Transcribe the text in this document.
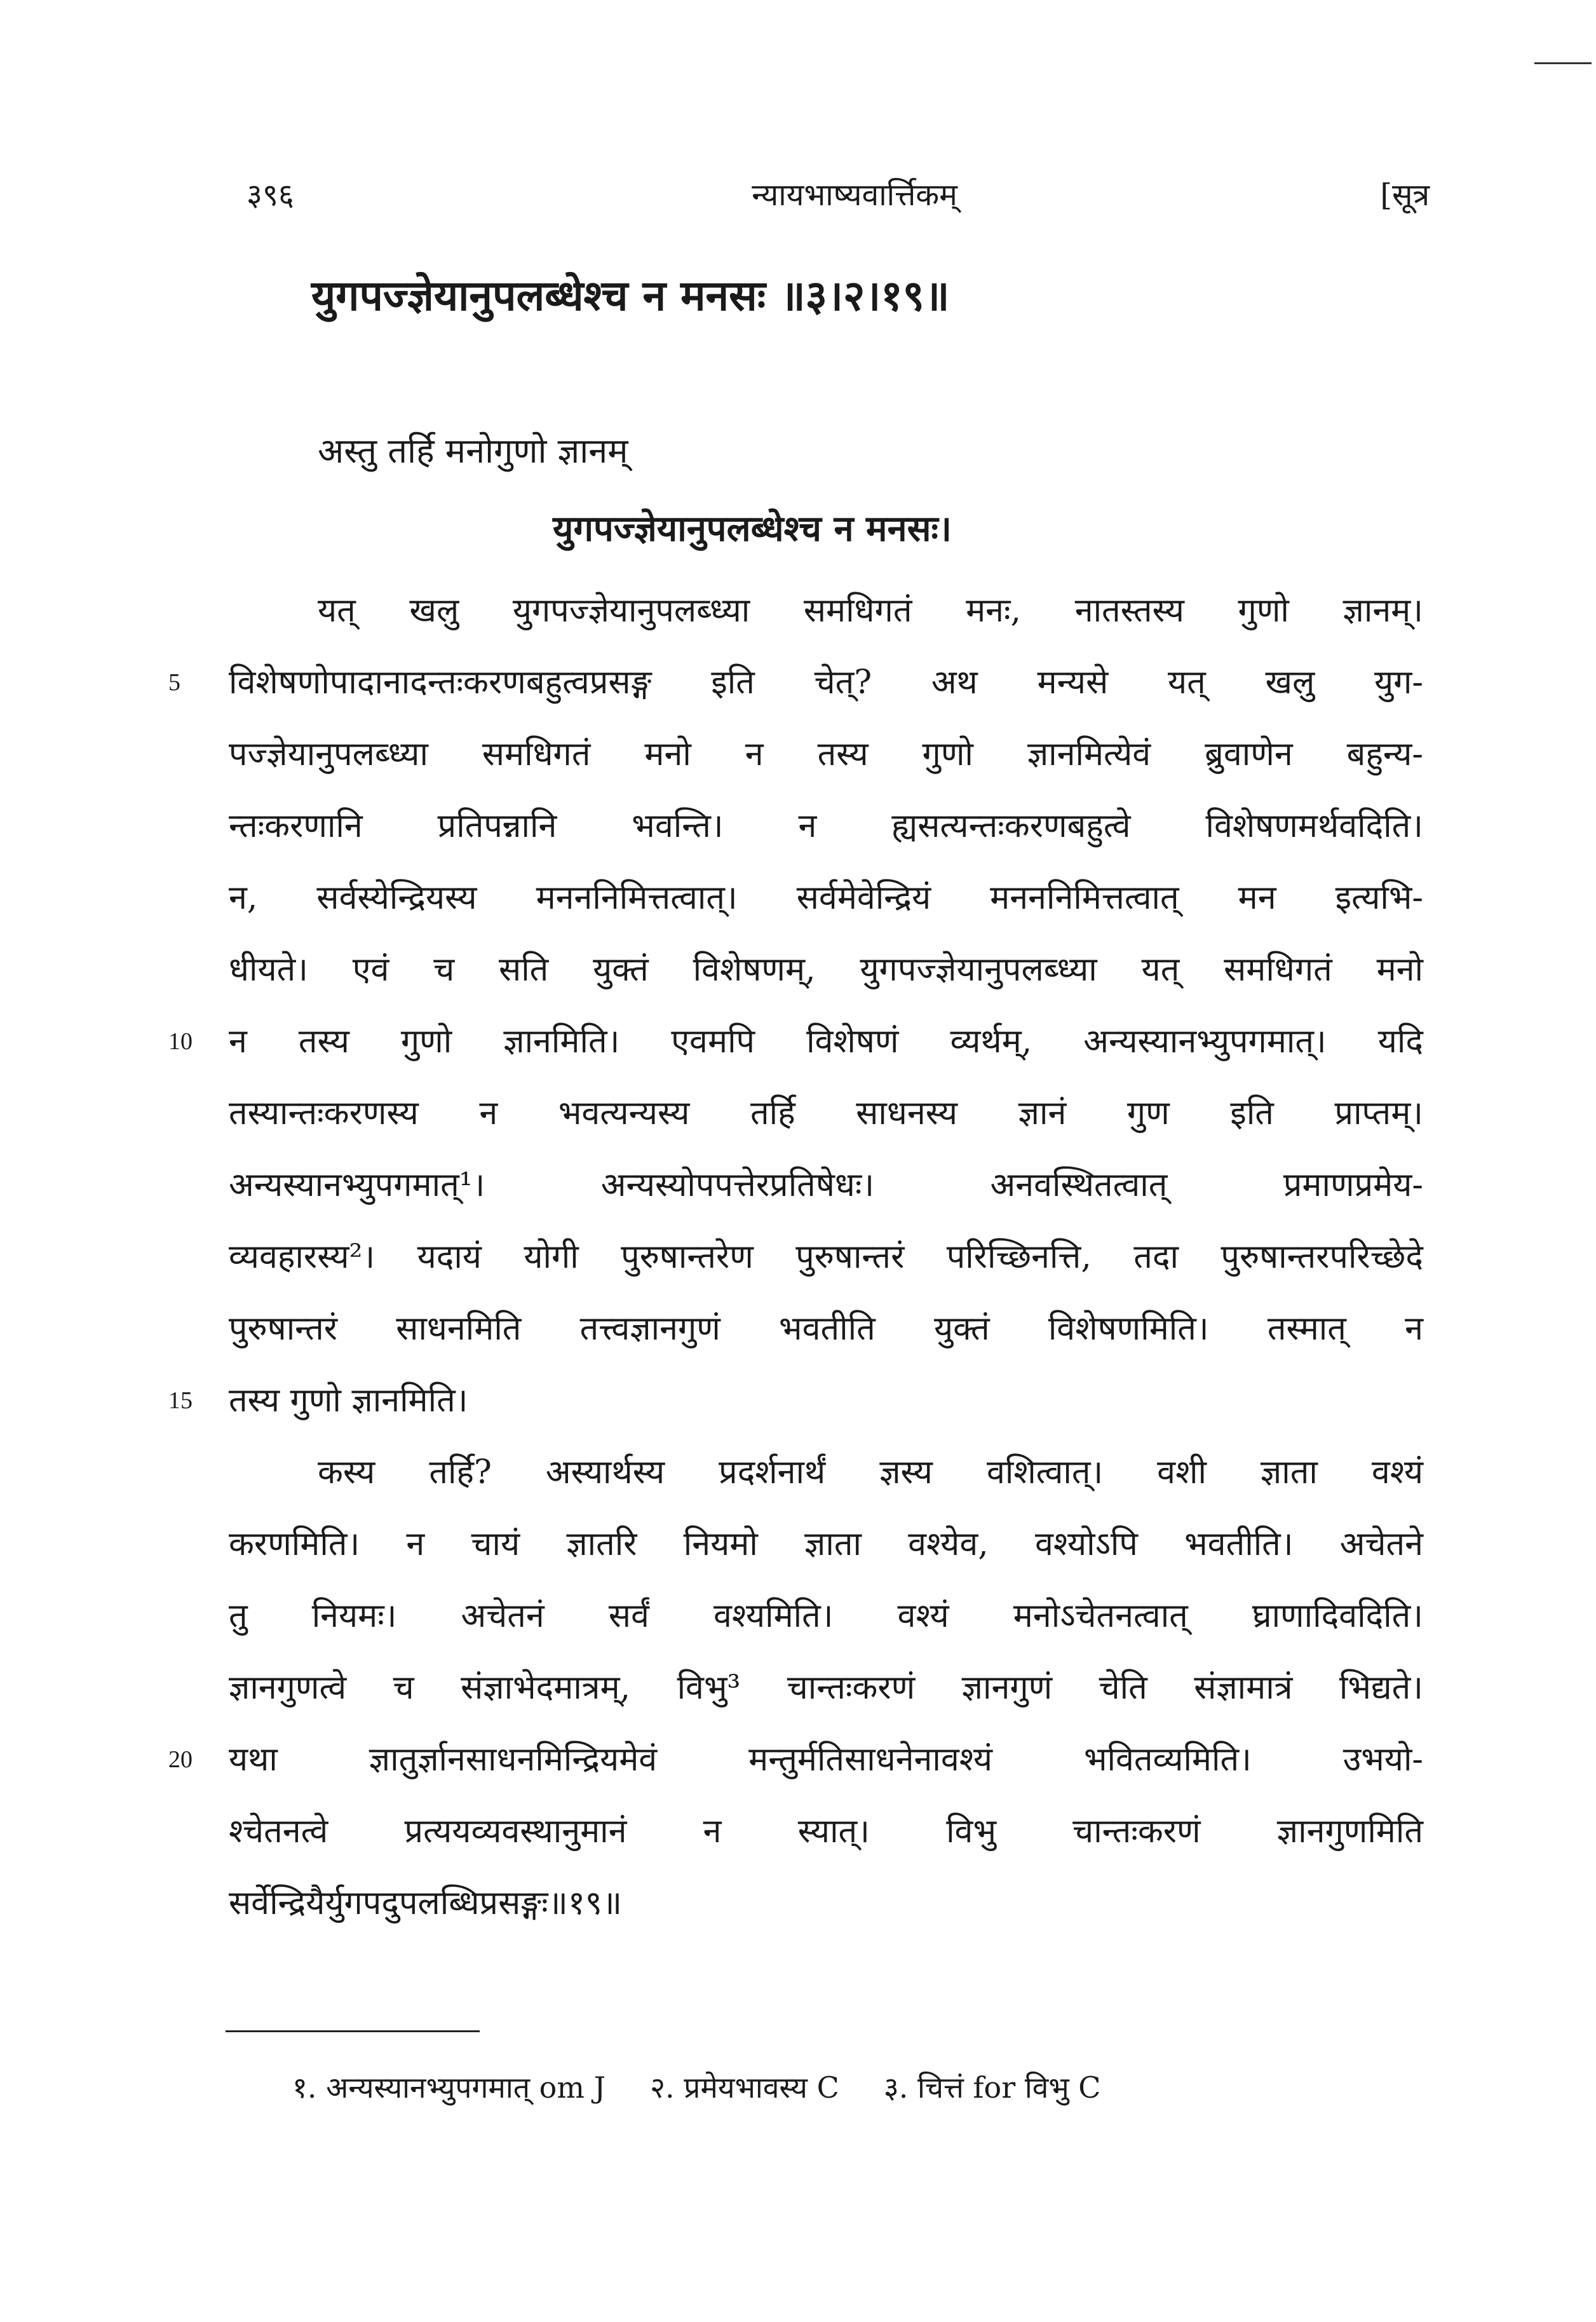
३९६	न्यायभाष्यवार्त्तिकम्	[सूत्र
युगपज्ज्ञेयानुपलब्धेश्च न मनसः ॥३।२।१९॥
अस्तु तर्हि मनोगुणो ज्ञानम्
युगपज्ज्ञेयानुपलब्धेश्च न मनसः।
यत् खलु युगपज्ज्ञेयानुपलब्ध्या समधिगतं मनः, नातस्तस्य गुणो ज्ञानम्।
5	विशेषणोपादानादन्तःकरणबहुत्वप्रसङ्ग इति चेत्? अथ मन्यसे यत् खलु युग-
पज्ज्ञेयानुपलब्ध्या समधिगतं मनो न तस्य गुणो ज्ञानमित्येवं ब्रुवाणेन बहुन्य-
न्तःकरणानि प्रतिपन्नानि भवन्ति। न ह्यसत्यन्तःकरणबहुत्वे विशेषणमर्थवदिति।
न, सर्वस्येन्द्रियस्य मनननिमित्तत्वात्। सर्वमेवेन्द्रियं मनननिमित्तत्वात् मन इत्यभि-
धीयते। एवं च सति युक्तं विशेषणम्, युगपज्ज्ञेयानुपलब्ध्या यत् समधिगतं मनो
10	न तस्य गुणो ज्ञानमिति। एवमपि विशेषणं व्यर्थम्, अन्यस्यानभ्युपगमात्। यदि
तस्यान्तःकरणस्य न भवत्यन्यस्य तर्हि साधनस्य ज्ञानं गुण इति प्राप्तम्।
अन्यस्यानभ्युपगमात्¹। अन्यस्योपपत्तेरप्रतिषेधः। अनवस्थितत्वात् प्रमाणप्रमेय-
व्यवहारस्य²। यदायं योगी पुरुषान्तरेण पुरुषान्तरं परिच्छिनत्ति, तदा पुरुषान्तरपरिच्छेदे
पुरुषान्तरं साधनमिति तत्त्वज्ञानगुणं भवतीति युक्तं विशेषणमिति। तस्मात् न
15	तस्य गुणो ज्ञानमिति।
कस्य तर्हि? अस्यार्थस्य प्रदर्शनार्थं ज्ञस्य वशित्वात्। वशी ज्ञाता वश्यं
करणमिति। न चायं ज्ञातरि नियमो ज्ञाता वश्येव, वश्योऽपि भवतीति। अचेतने
तु नियमः। अचेतनं सर्वं वश्यमिति। वश्यं मनोऽचेतनत्वात् घ्राणादिवदिति।
ज्ञानगुणत्वे च संज्ञाभेदमात्रम्, विभु³ चान्तःकरणं ज्ञानगुणं चेति संज्ञामात्रं भिद्यते।
20	यथा ज्ञातुर्ज्ञानसाधनमिन्द्रियमेवं मन्तुर्मतिसाधनेनावश्यं भवितव्यमिति। उभयो-
श्चेतनत्वे प्रत्ययव्यवस्थानुमानं न स्यात्। विभु चान्तःकरणं ज्ञानगुणमिति
सर्वेन्द्रियैर्युगपदुपलब्धिप्रसङ्गः॥१९॥
१. अन्यस्यानभ्युपगमात् om J २. प्रमेयभावस्य C ३. चित्तं for विभु C
